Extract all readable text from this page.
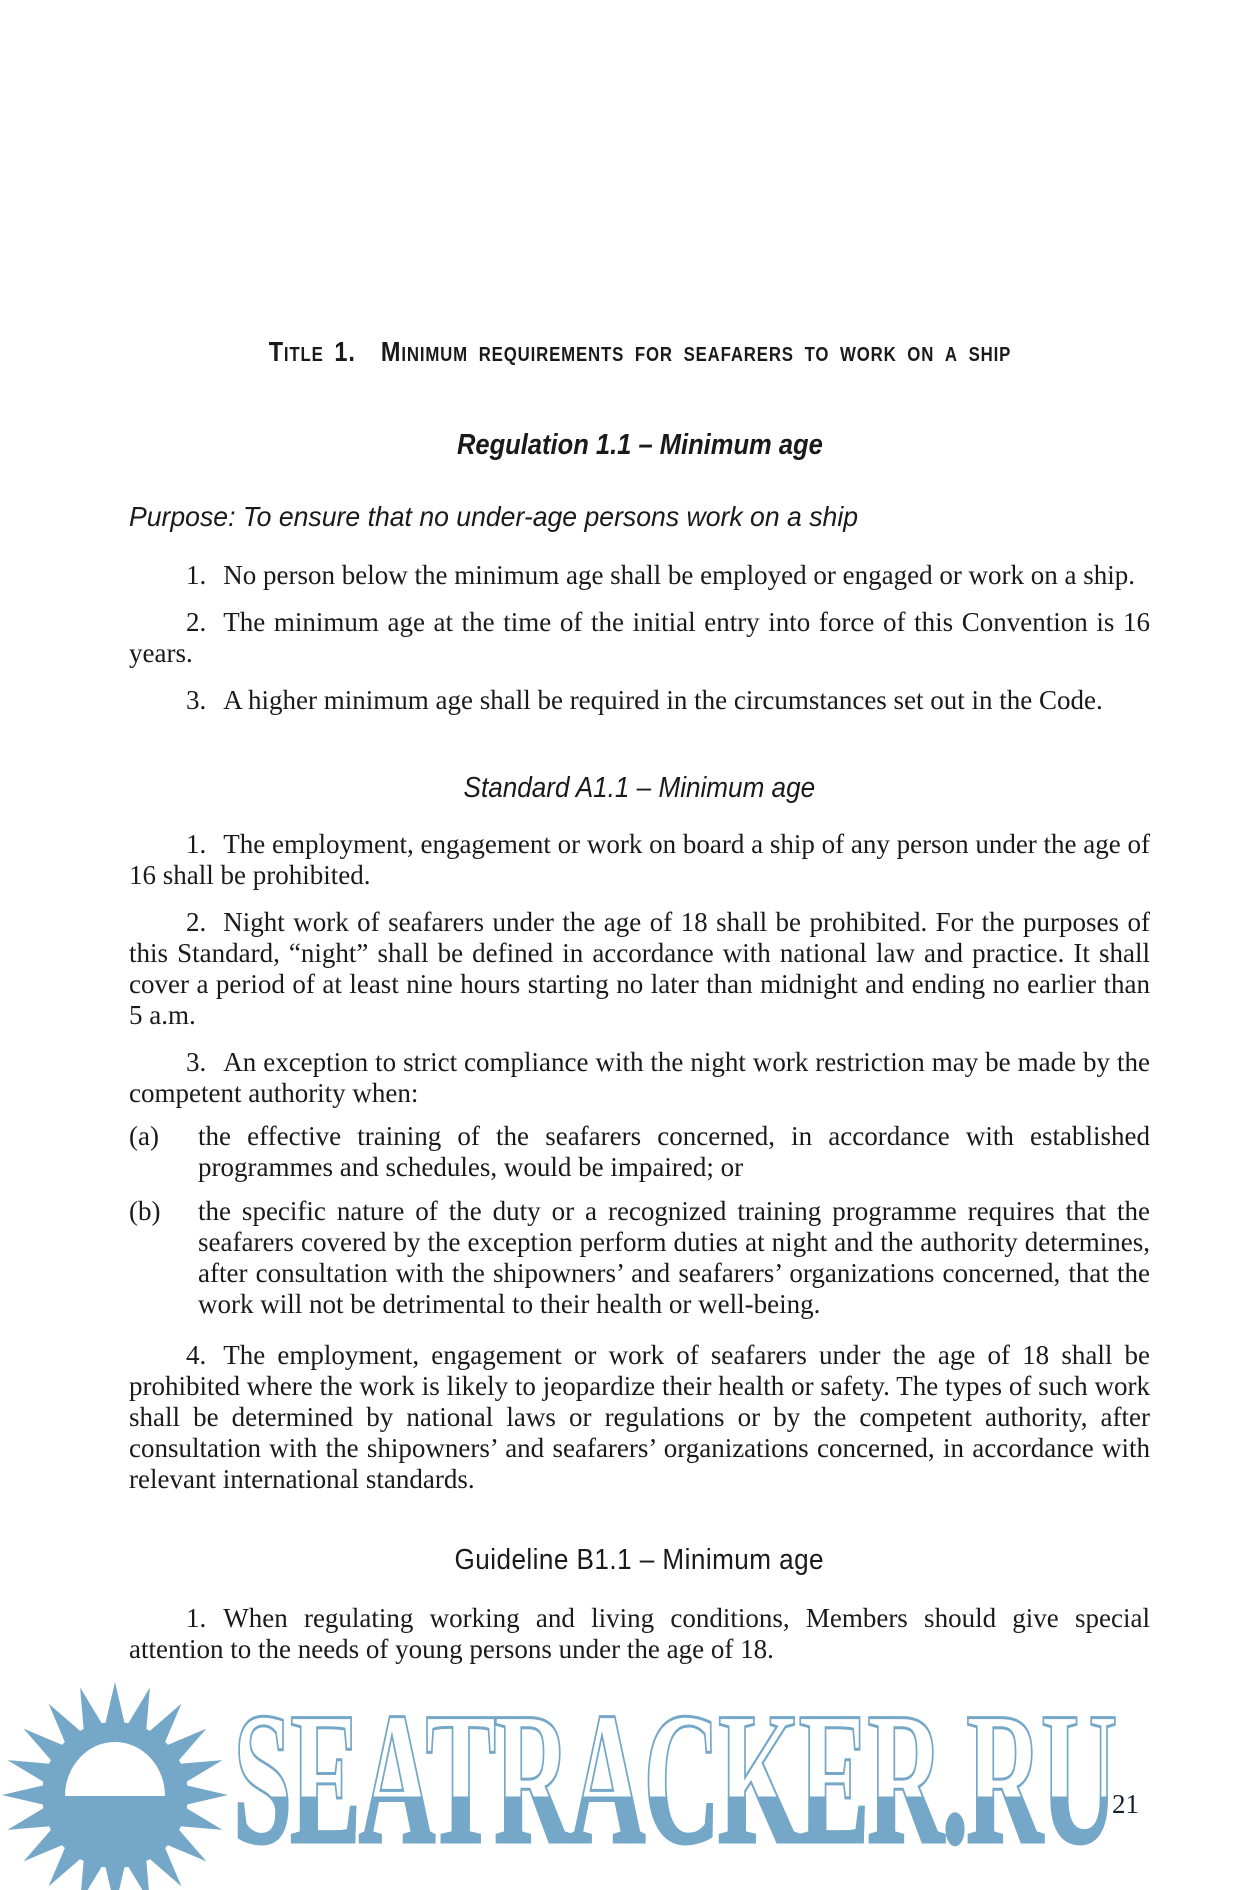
Title 1. Minimum requirements for seafarers to work on a ship

Regulation 1.1 – Minimum age

Purpose: To ensure that no under-age persons work on a ship

1. No person below the minimum age shall be employed or engaged or work on a ship.

2. The minimum age at the time of the initial entry into force of this Convention is 16 years.

3. A higher minimum age shall be required in the circumstances set out in the Code.

Standard A1.1 – Minimum age

1. The employment, engagement or work on board a ship of any person under the age of 16 shall be prohibited.

2. Night work of seafarers under the age of 18 shall be prohibited. For the purposes of this Standard, “night” shall be defined in accordance with national law and practice. It shall cover a period of at least nine hours starting no later than midnight and ending no earlier than 5 a.m.

3. An exception to strict compliance with the night work restriction may be made by the competent authority when:

(a)	the effective training of the seafarers concerned, in accordance with established programmes and schedules, would be impaired; or

(b)	the specific nature of the duty or a recognized training programme requires that the seafarers covered by the exception perform duties at night and the authority determines, after consultation with the shipowners’ and seafarers’ organizations concerned, that the work will not be detrimental to their health or well-being.

4. The employment, engagement or work of seafarers under the age of 18 shall be prohibited where the work is likely to jeopardize their health or safety. The types of such work shall be determined by national laws or regulations or by the competent authority, after consultation with the shipowners’ and seafarers’ organizations concerned, in accordance with relevant international standards.

Guideline B1.1 – Minimum age

1. When regulating working and living conditions, Members should give special attention to the needs of young persons under the age of 18.

SEATRACKER.RU
21
